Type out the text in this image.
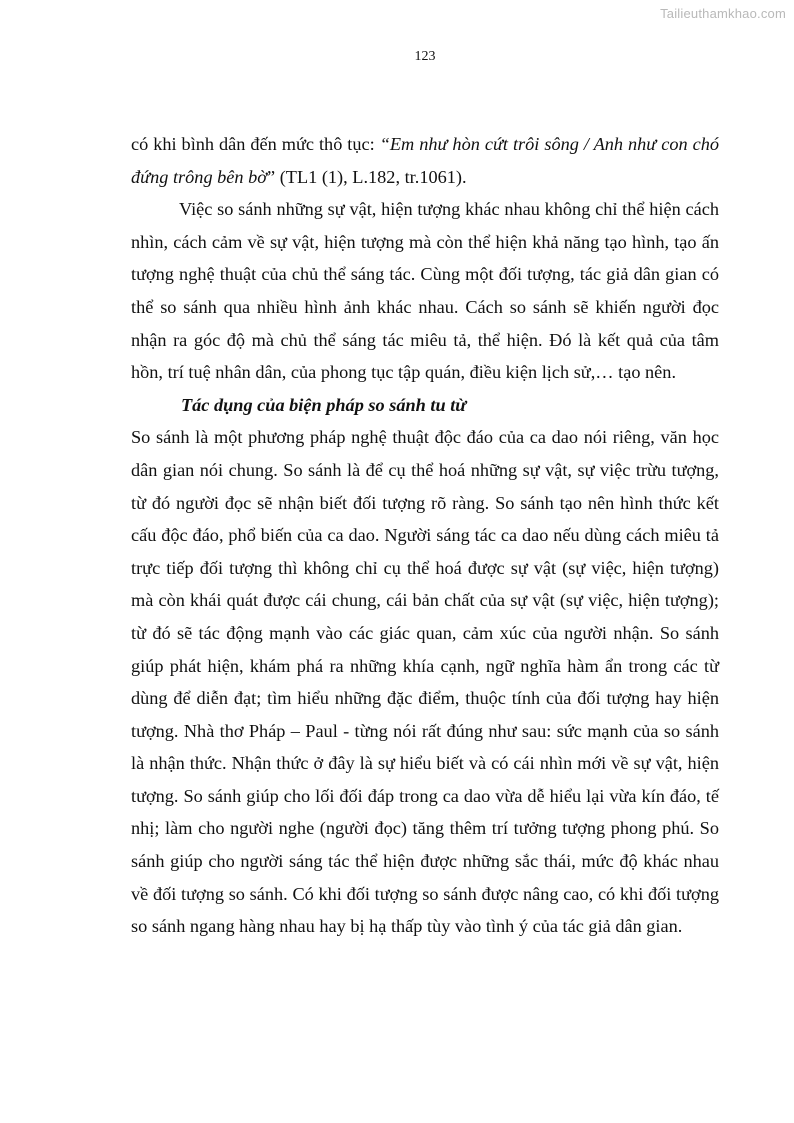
Tailieuthamkhao.com
123

có khi bình dân đến mức thô tục: “Em như hòn cứt trôi sông / Anh như con chó đứng trông bên bờ” (TL1 (1), L.182, tr.1061).

Việc so sánh những sự vật, hiện tượng khác nhau không chỉ thể hiện cách nhìn, cách cảm về sự vật, hiện tượng mà còn thể hiện khả năng tạo hình, tạo ấn tượng nghệ thuật của chủ thể sáng tác. Cùng một đối tượng, tác giả dân gian có thể so sánh qua nhiều hình ảnh khác nhau. Cách so sánh sẽ khiến người đọc nhận ra góc độ mà chủ thể sáng tác miêu tả, thể hiện. Đó là kết quả của tâm hồn, trí tuệ nhân dân, của phong tục tập quán, điều kiện lịch sử,… tạo nên.

Tác dụng của biện pháp so sánh tu từ

So sánh là một phương pháp nghệ thuật độc đáo của ca dao nói riêng, văn học dân gian nói chung. So sánh là để cụ thể hoá những sự vật, sự việc trừu tượng, từ đó người đọc sẽ nhận biết đối tượng rõ ràng. So sánh tạo nên hình thức kết cấu độc đáo, phổ biến của ca dao. Người sáng tác ca dao nếu dùng cách miêu tả trực tiếp đối tượng thì không chỉ cụ thể hoá được sự vật (sự việc, hiện tượng) mà còn khái quát được cái chung, cái bản chất của sự vật (sự việc, hiện tượng); từ đó sẽ tác động mạnh vào các giác quan, cảm xúc của người nhận. So sánh giúp phát hiện, khám phá ra những khía cạnh, ngữ nghĩa hàm ẩn trong các từ dùng để diễn đạt; tìm hiểu những đặc điểm, thuộc tính của đối tượng hay hiện tượng. Nhà thơ Pháp – Paul - từng nói rất đúng như sau: sức mạnh của so sánh là nhận thức. Nhận thức ở đây là sự hiểu biết và có cái nhìn mới về sự vật, hiện tượng. So sánh giúp cho lối đối đáp trong ca dao vừa dễ hiểu lại vừa kín đáo, tế nhị; làm cho người nghe (người đọc) tăng thêm trí tưởng tượng phong phú. So sánh giúp cho người sáng tác thể hiện được những sắc thái, mức độ khác nhau về đối tượng so sánh. Có khi đối tượng so sánh được nâng cao, có khi đối tượng so sánh ngang hàng nhau hay bị hạ thấp tùy vào tình ý của tác giả dân gian.
